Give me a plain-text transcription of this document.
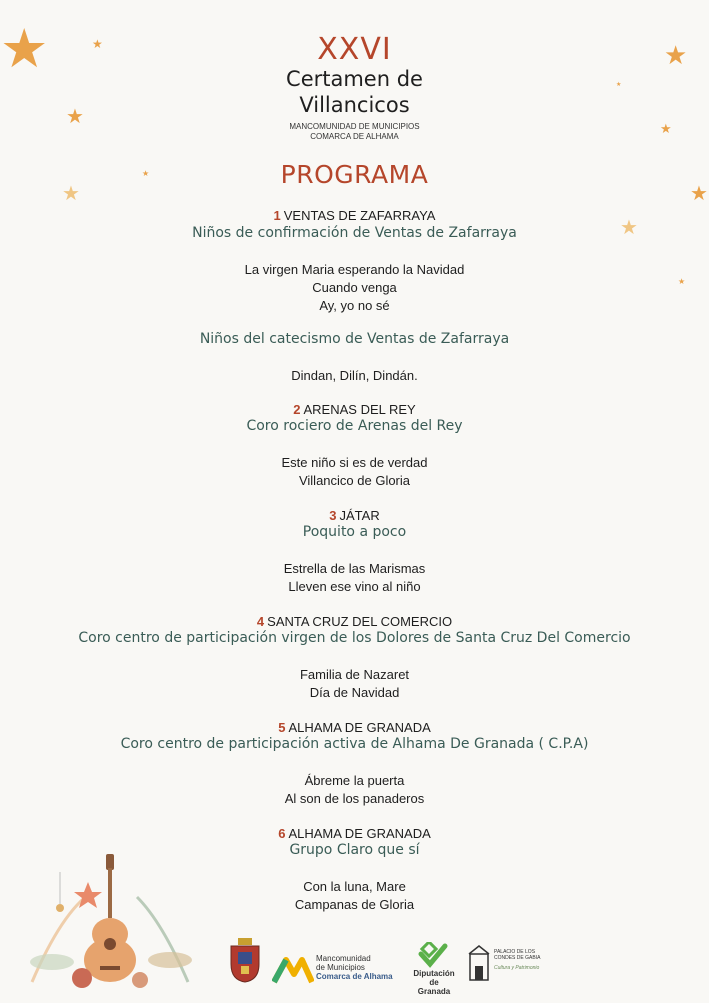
★	★
★
★
★
★
★
★
★
★
★
XXVI
Certamen de
Villancicos
MANCOMUNIDAD DE MUNICIPIOS
COMARCA DE ALHAMA
PROGRAMA
1 VENTAS DE ZAFARRAYA
Niños de confirmación de Ventas de Zafarraya
La virgen Maria esperando la Navidad
Cuando venga
Ay, yo no sé
Niños del catecismo de Ventas de Zafarraya
Dindan, Dilín, Dindán.
2 ARENAS DEL REY
Coro rociero de Arenas del Rey
Este niño si es de verdad
Villancico de Gloria
3 JÁTAR
Poquito a poco
Estrella de las Marismas
Lleven ese vino al niño
4 SANTA CRUZ DEL COMERCIO
Coro centro de participación virgen de los Dolores de Santa Cruz Del Comercio
Familia de Nazaret
Día de Navidad
5 ALHAMA DE GRANADA
Coro centro de participación activa de Alhama De Granada ( C.P.A)
Ábreme la puerta
Al son de los panaderos
6 ALHAMA DE GRANADA
Grupo Claro que sí
Con la luna, Mare
Campanas de Gloria
Mancomunidad
de Municipios
Comarca de Alhama	Diputación
de Granada
PALACIO DE LOS
CONDES DE GABIA
Cultura y Patrimonio
